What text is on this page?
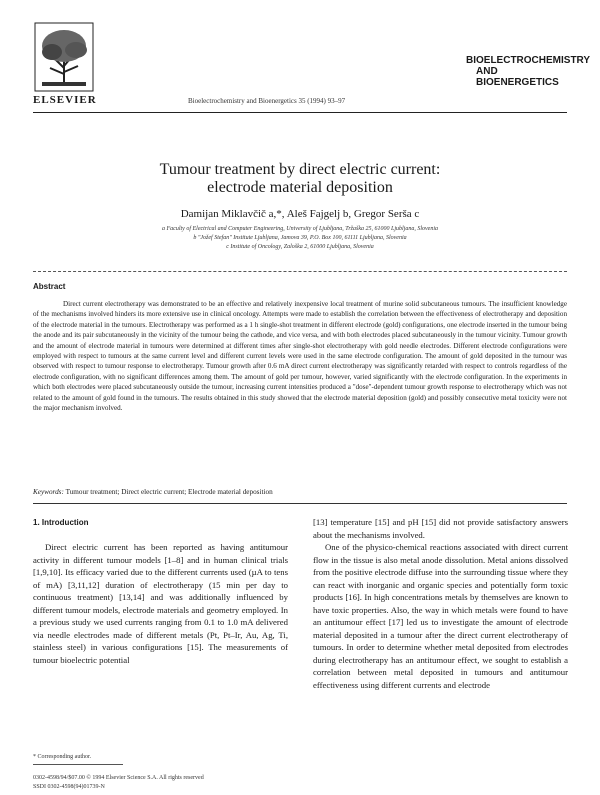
ELSEVIER	Bioelectrochemistry and Bioenergetics 35 (1994) 93–97
BIOELECTROCHEMISTRY
AND BIOENERGETICS
Tumour treatment by direct electric current:
electrode material deposition
Damijan Miklavčič a,*, Aleš Fajgelj b, Gregor Serša c
a Faculty of Electrical and Computer Engineering, University of Ljubljana, Tržaška 25, 61000 Ljubljana, Slovenia
b "Jožef Stefan" Institute Ljubljana, Jamova 39, P.O. Box 100, 61111 Ljubljana, Slovenia
c Institute of Oncology, Zaloška 2, 61000 Ljubljana, Slovenia
Abstract
Direct current electrotherapy was demonstrated to be an effective and relatively inexpensive local treatment of murine solid subcutaneous tumours. The insufficient knowledge of the mechanisms involved hinders its more extensive use in clinical oncology. Attempts were made to establish the correlation between the effectiveness of electrotherapy and deposition of the electrode material in the tumours. Electrotherapy was performed as a 1 h single-shot treatment in different electrode (gold) configurations, one electrode inserted in the tumour being the anode and its pair subcutaneously in the vicinity of the tumour being the cathode, and vice versa, and with both electrodes placed subcutaneously in the tumour vicinity. Tumour growth and the amount of electrode material in tumours were determined at different times after single-shot electrotherapy with gold needle electrodes. Different electrode configurations were employed with respect to tumours at the same current level and different current levels were used in the same electrode configuration. The amount of gold deposited in the tumour was observed with respect to tumour response to electrotherapy. Tumour growth after 0.6 mA direct current electrotherapy was significantly retarded with respect to controls regardless of the electrode configuration, with no significant differences among them. The amount of gold per tumour, however, varied significantly with the electrode configuration. In the experiments in which both electrodes were placed subcutaneously outside the tumour, increasing current intensities produced a "dose"-dependent tumour growth response to electrotherapy which was not related to the amount of gold found in the tumours. The results obtained in this study showed that the electrode material deposition (gold) and possibly consecutive metal toxicity were not the major mechanism involved.
Keywords: Tumour treatment; Direct electric current; Electrode material deposition
1. Introduction

Direct electric current has been reported as having antitumour activity in different tumour models [1–8] and in human clinical trials [1,9,10]. Its efficacy varied due to the different currents used (µA to tens of mA) [3,11,12] duration of electrotherapy (15 min per day to continuous treatment) [13,14] and was additionally influenced by different tumour models, electrode materials and geometry employed. In a previous study we used currents ranging from 0.1 to 1.0 mA delivered via needle electrodes made of different metals (Pt, Pt–Ir, Au, Ag, Ti, stainless steel) in various configurations [15]. The measurements of tumour bioelectric potential

[13] temperature [15] and pH [15] did not provide satisfactory answers about the mechanisms involved.

One of the physico-chemical reactions associated with direct current flow in the tissue is also metal anode dissolution. Metal anions dissolved from the positive electrode diffuse into the surrounding tissue where they can react with inorganic and organic species and potentially form toxic products [16]. In high concentrations metals by themselves are known to have toxic properties. Also, the way in which metals were found to have an antitumour effect [17] led us to investigate the amount of electrode material deposited in a tumour after the direct current electrotherapy of tumours. In order to determine whether metal deposited from electrodes during electrotherapy has an antitumour effect, we sought to establish a correlation between metal deposited in tumours and antitumour effectiveness using different currents and electrode

* Corresponding author.
0302-4598/94/$07.00 © 1994 Elsevier Science S.A. All rights reserved
SSDI 0302-4598(94)01739-N
